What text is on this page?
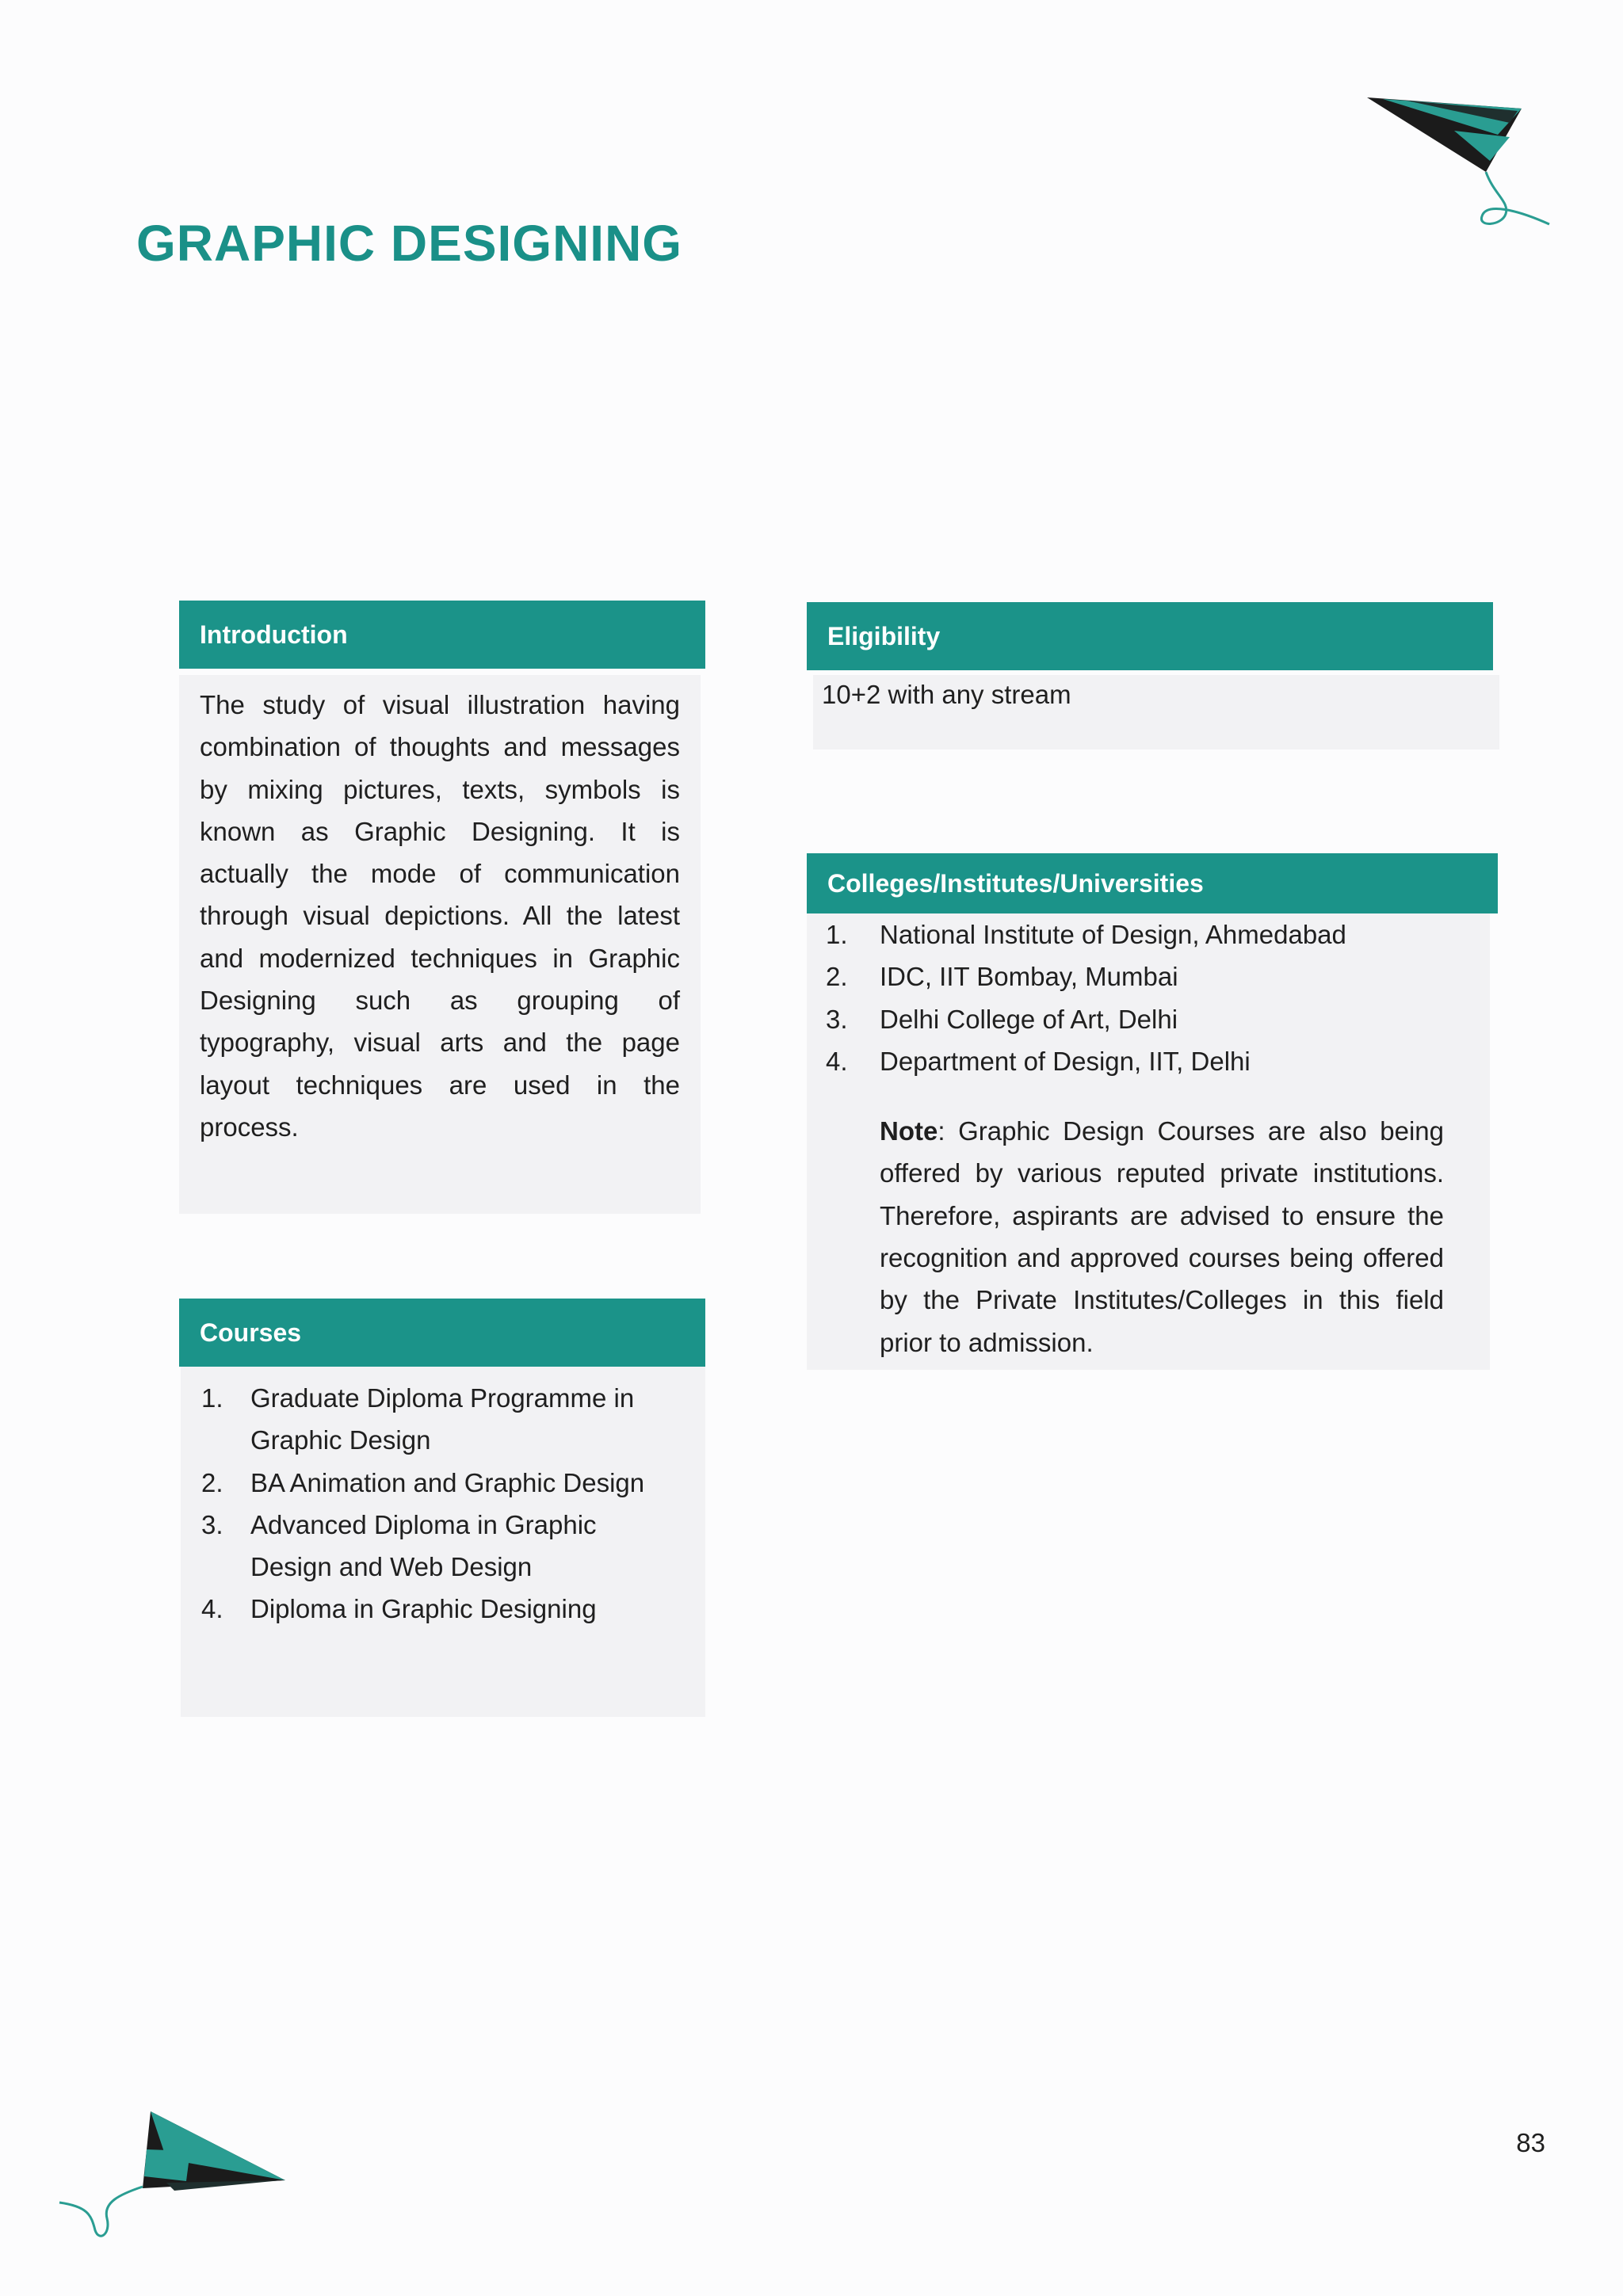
GRAPHIC DESIGNING
Introduction

The study of visual illustration having combination of thoughts and messages by mixing pictures, texts, symbols is known as Graphic Designing. It is actually the mode of communication through visual depictions. All the latest and modernized techniques in Graphic Designing such as grouping of typography, visual arts and the page layout techniques are used in the process.

Eligibility
10+2 with any stream
Colleges/Institutes/Universities
1.	National Institute of Design, Ahmedabad
2.	IDC, IIT Bombay, Mumbai
3.	Delhi College of Art, Delhi
4.	Department of Design, IIT, Delhi

Note: Graphic Design Courses are also being offered by various reputed private institutions. Therefore, aspirants are advised to ensure the recognition and approved courses being offered by the Private Institutes/Colleges in this field prior to admission.

Courses
1.	Graduate Diploma Programme in Graphic Design
2.	BA Animation and Graphic Design
3.	Advanced Diploma in Graphic Design and Web Design
4.	Diploma in Graphic Designing
83
